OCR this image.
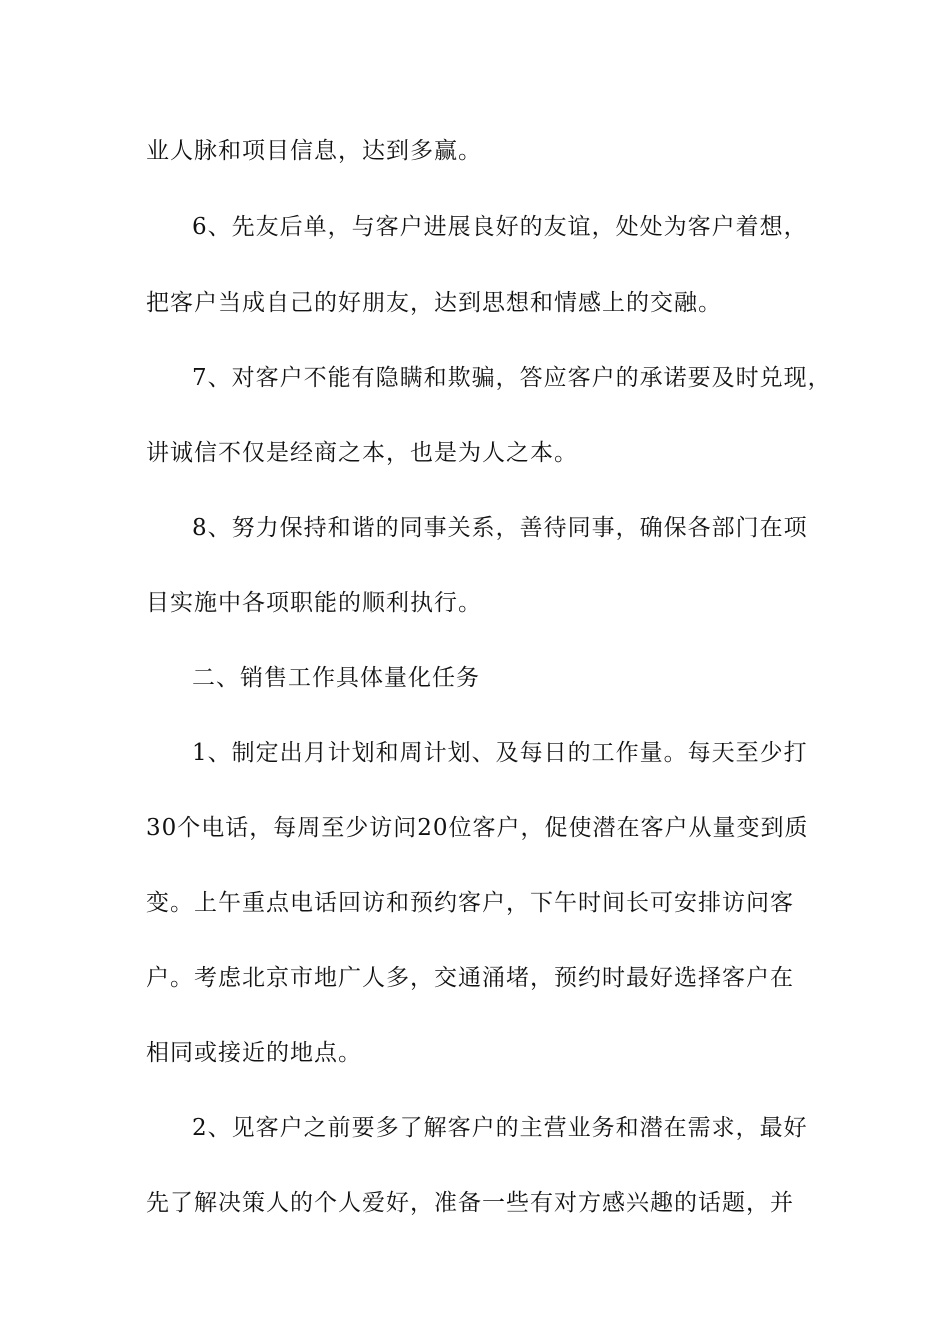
业人脉和项目信息，达到多赢。
6、先友后单，与客户进展良好的友谊，处处为客户着想，
把客户当成自己的好朋友，达到思想和情感上的交融。
7、对客户不能有隐瞒和欺骗，答应客户的承诺要及时兑现，
讲诚信不仅是经商之本，也是为人之本。
8、努力保持和谐的同事关系，善待同事，确保各部门在项
目实施中各项职能的顺利执行。
二、销售工作具体量化任务
1、制定出月计划和周计划、及每日的工作量。每天至少打
30个电话，每周至少访问20位客户，促使潜在客户从量变到质
变。上午重点电话回访和预约客户，下午时间长可安排访问客
户。考虑北京市地广人多，交通涌堵，预约时最好选择客户在
相同或接近的地点。
2、见客户之前要多了解客户的主营业务和潜在需求，最好
先了解决策人的个人爱好，准备一些有对方感兴趣的话题，并
